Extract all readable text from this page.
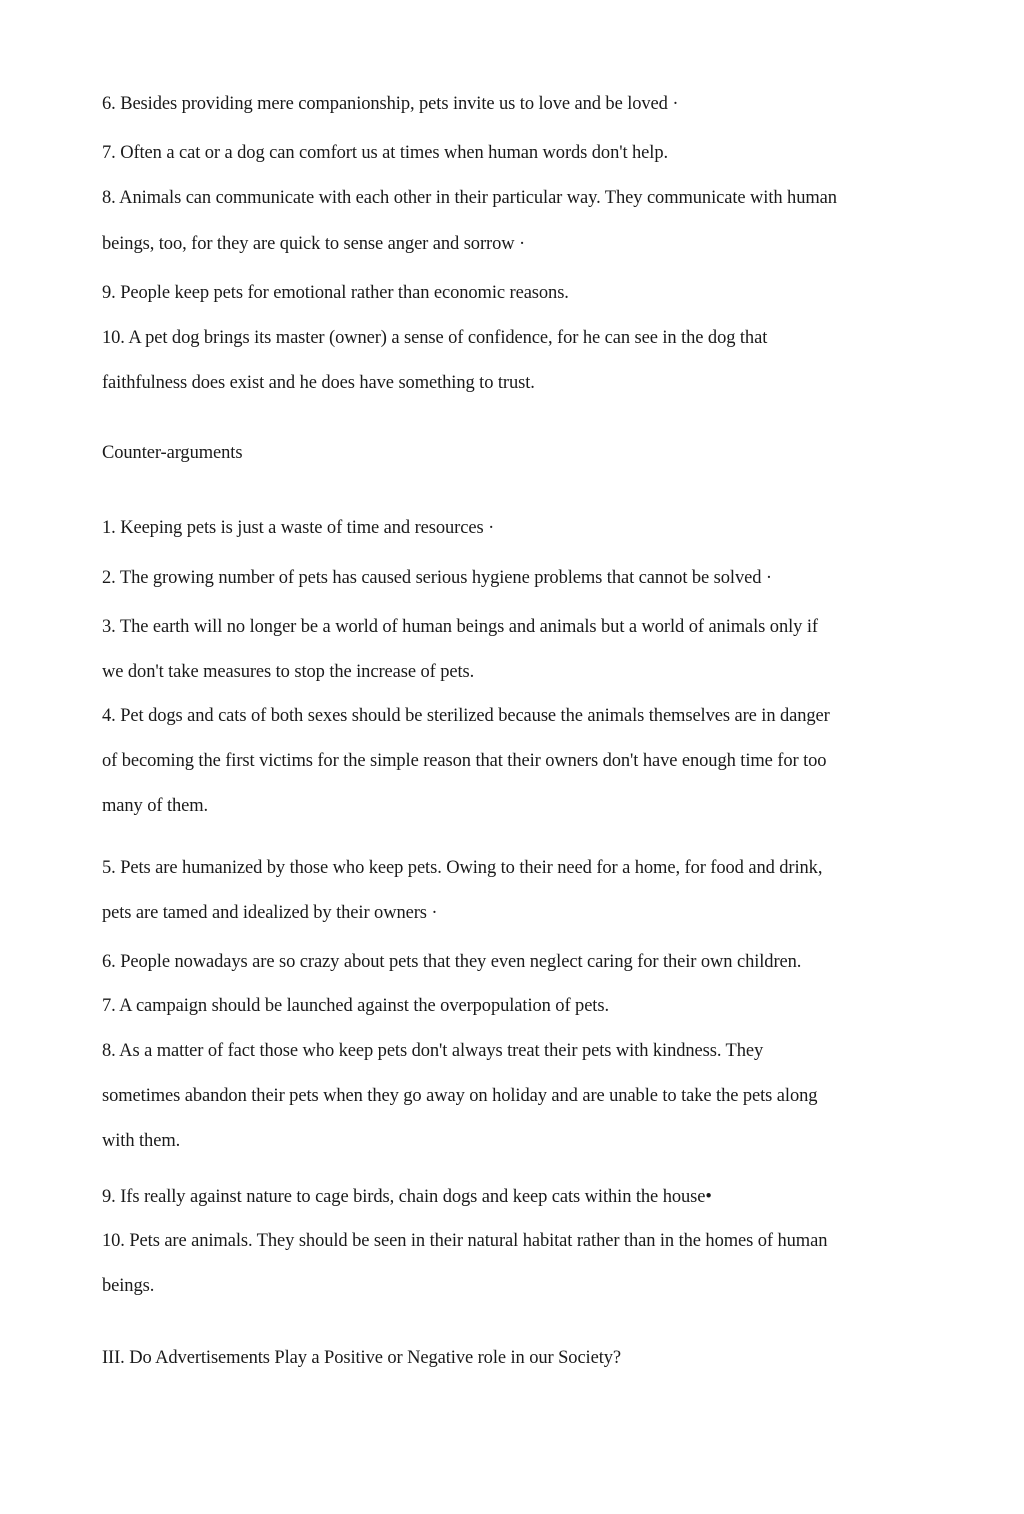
6. Besides providing mere companionship, pets invite us to love and be loved ·
7. Often a cat or a dog can comfort us at times when human words don't help.
8. Animals can communicate with each other in their particular way. They communicate with human
beings, too, for they are quick to sense anger and sorrow ·
9. People keep pets for emotional rather than economic reasons.
10. A pet dog brings its master (owner) a sense of confidence, for he can see in the dog that
faithfulness does exist and he does have something to trust.
Counter-arguments
1. Keeping pets is just a waste of time and resources ·
2. The growing number of pets has caused serious hygiene problems that cannot be solved ·
3. The earth will no longer be a world of human beings and animals but a world of animals only if
we don't take measures to stop the increase of pets.
4. Pet dogs and cats of both sexes should be sterilized because the animals themselves are in danger
of becoming the first victims for the simple reason that their owners don't have enough time for too
many of them.
5. Pets are humanized by those who keep pets. Owing to their need for a home, for food and drink,
pets are tamed and idealized by their owners ·
6. People nowadays are so crazy about pets that they even neglect caring for their own children.
7. A campaign should be launched against the overpopulation of pets.
8. As a matter of fact those who keep pets don't always treat their pets with kindness. They
sometimes abandon their pets when they go away on holiday and are unable to take the pets along
with them.
9. Ifs really against nature to cage birds, chain dogs and keep cats within the house•
10. Pets are animals. They should be seen in their natural habitat rather than in the homes of human
beings.
III. Do Advertisements Play a Positive or Negative role in our Society?
